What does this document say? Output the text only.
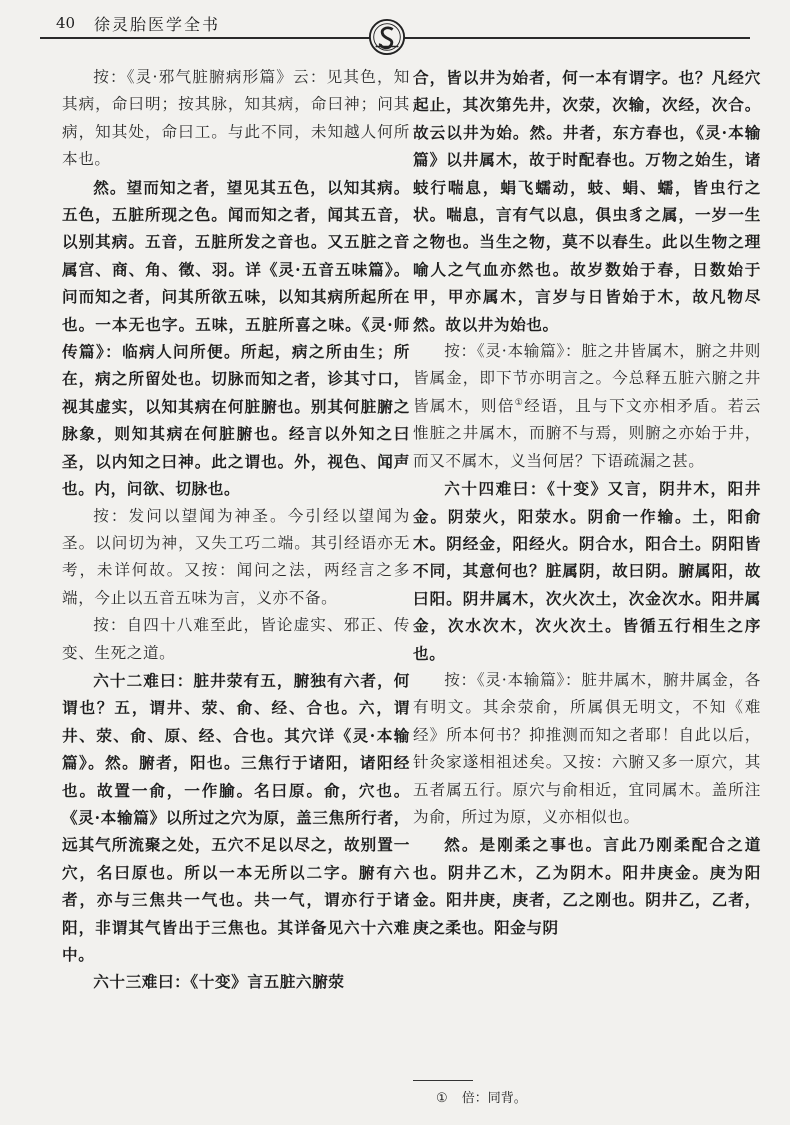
40 徐灵胎医学全书

按：《灵·邪气脏腑病形篇》云：见其色，知其病，命曰明；按其脉，知其病，命曰神；问其病，知其处，命曰工。与此不同，未知越人何所本也。

然。望而知之者，望见其五色，以知其病。五色，五脏所现之色。闻而知之者，闻其五音，以别其病。五音，五脏所发之音也。又五脏之音属宫、商、角、徵、羽。详《灵·五音五味篇》。问而知之者，问其所欲五味，以知其病所起所在也。一本无也字。五味，五脏所喜之味。《灵·师传篇》：临病人问所便。所起，病之所由生；所在，病之所留处也。切脉而知之者，诊其寸口，视其虚实，以知其病在何脏腑也。别其何脏腑之脉象，则知其病在何脏腑也。经言以外知之曰圣，以内知之曰神。此之谓也。外，视色、闻声也。内，问欲、切脉也。

按：发问以望闻为神圣。今引经以望闻为圣。以问切为神，又失工巧二端。其引经语亦无考，未详何故。又按：闻问之法，两经言之多端，今止以五音五味为言，义亦不备。

按：自四十八难至此，皆论虚实、邪正、传变、生死之道。

六十二难曰：脏井荥有五，腑独有六者，何谓也？五，谓井、荥、俞、经、合也。六，谓井、荥、俞、原、经、合也。其穴详《灵·本输篇》。然。腑者，阳也。三焦行于诸阳，诸阳经也。故置一俞，一作腧。名曰原。俞，穴也。《灵·本输篇》以所过之穴为原，盖三焦所行者，远其气所流聚之处，五穴不足以尽之，故别置一穴，名曰原也。所以一本无所以二字。腑有六者，亦与三焦共一气也。共一气，谓亦行于诸阳，非谓其气皆出于三焦也。其详备见六十六难中。

六十三难曰：《十变》言五脏六腑荥

合，皆以井为始者，何一本有谓字。也？凡经穴起止，其次第先井，次荥，次输，次经，次合。故云以井为始。然。井者，东方春也，《灵·本输篇》以井属木，故于时配春也。万物之始生，诸蚑行喘息，蜎飞蠕动，蚑、蜎、蠕，皆虫行之状。喘息，言有气以息，俱虫豸之属，一岁一生之物也。当生之物，莫不以春生。此以生物之理喻人之气血亦然也。故岁数始于春，日数始于甲，甲亦属木，言岁与日皆始于木，故凡物尽然。故以井为始也。

按：《灵·本输篇》：脏之井皆属木，腑之井则皆属金，即下节亦明言之。今总释五脏六腑之井皆属木，则倍①经语，且与下文亦相矛盾。若云惟脏之井属木，而腑不与焉，则腑之亦始于井，而又不属木，义当何居？下语疏漏之甚。

六十四难曰：《十变》又言，阴井木，阳井金。阴荥火，阳荥水。阴俞一作输。土，阳俞木。阴经金，阳经火。阴合水，阳合土。阴阳皆不同，其意何也？脏属阴，故曰阴。腑属阳，故曰阳。阴井属木，次火次土，次金次水。阳井属金，次水次木，次火次土。皆循五行相生之序也。

按：《灵·本输篇》：脏井属木，腑井属金，各有明文。其余荥俞，所属俱无明文，不知《难经》所本何书？抑推测而知之者耶！自此以后，针灸家遂相祖述矣。又按：六腑又多一原穴，其五者属五行。原穴与俞相近，宜同属木。盖所注为俞，所过为原，义亦相似也。

然。是刚柔之事也。言此乃刚柔配合之道也。阴井乙木，乙为阴木。阳井庚金。庚为阳金。阳井庚，庚者，乙之刚也。阴井乙，乙者，庚之柔也。阳金与阴

① 倍：同背。
